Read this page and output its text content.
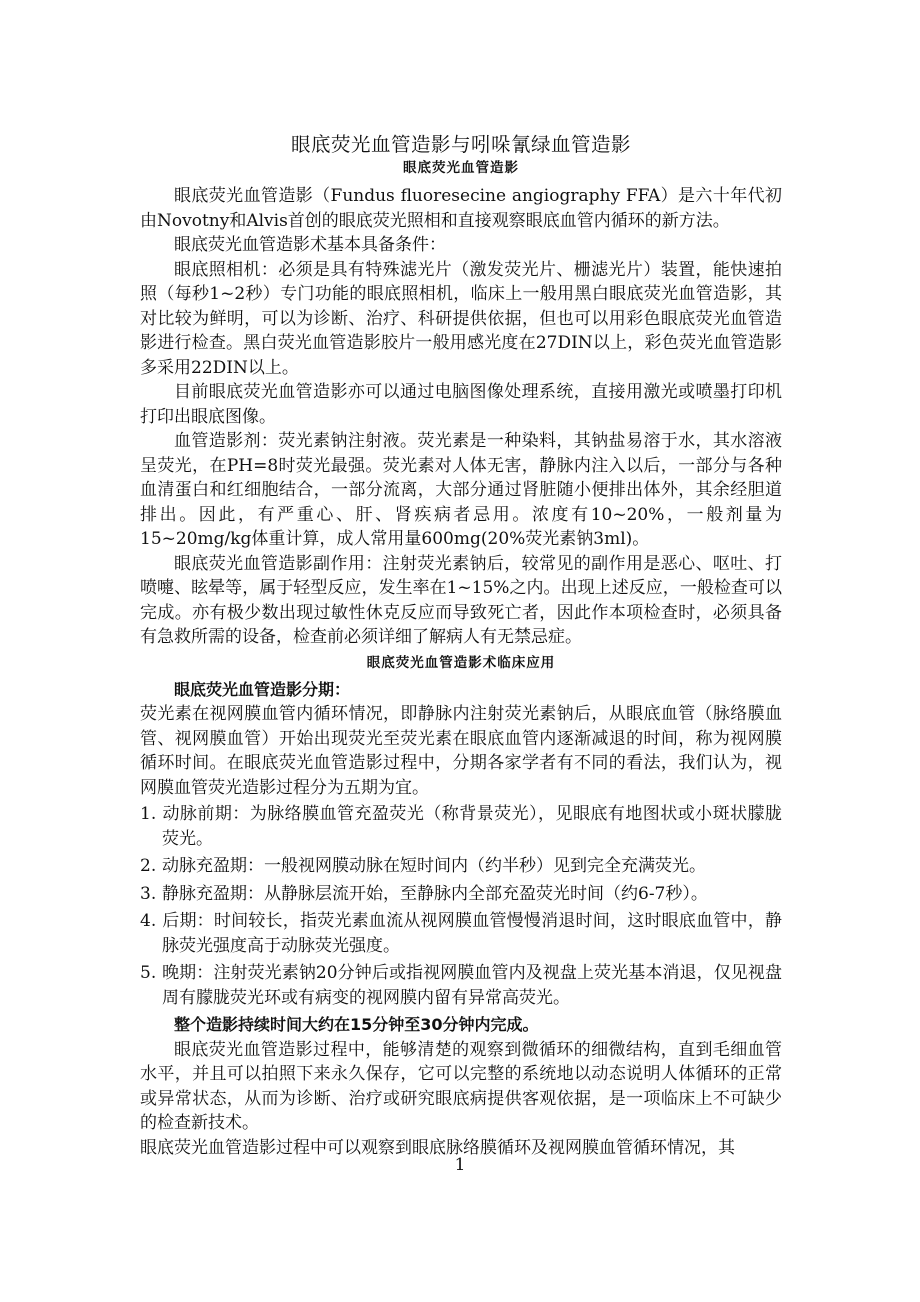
眼底荧光血管造影与吲哚氰绿血管造影
眼底荧光血管造影

眼底荧光血管造影（Fundus fluoresecine angiography FFA）是六十年代初由Novotny和Alvis首创的眼底荧光照相和直接观察眼底血管内循环的新方法。

眼底荧光血管造影术基本具备条件：

眼底照相机：必须是具有特殊滤光片（激发荧光片、栅滤光片）装置，能快速拍照（每秒1~2秒）专门功能的眼底照相机，临床上一般用黑白眼底荧光血管造影，其对比较为鲜明，可以为诊断、治疗、科研提供依据，但也可以用彩色眼底荧光血管造影进行检查。黑白荧光血管造影胶片一般用感光度在27DIN以上，彩色荧光血管造影多采用22DIN以上。

目前眼底荧光血管造影亦可以通过电脑图像处理系统，直接用激光或喷墨打印机打印出眼底图像。

血管造影剂：荧光素钠注射液。荧光素是一种染料，其钠盐易溶于水，其水溶液呈荧光，在PH=8时荧光最强。荧光素对人体无害，静脉内注入以后，一部分与各种血清蛋白和红细胞结合，一部分流离，大部分通过肾脏随小便排出体外，其余经胆道排出。因此，有严重心、肝、肾疾病者忌用。浓度有10~20%，一般剂量为15~20mg/kg体重计算，成人常用量600mg(20%荧光素钠3ml)。

眼底荧光血管造影副作用：注射荧光素钠后，较常见的副作用是恶心、呕吐、打喷嚏、眩晕等，属于轻型反应，发生率在1~15%之内。出现上述反应，一般检查可以完成。亦有极少数出现过敏性休克反应而导致死亡者，因此作本项检查时，必须具备有急救所需的设备，检查前必须详细了解病人有无禁忌症。

眼底荧光血管造影术临床应用

眼底荧光血管造影分期：

荧光素在视网膜血管内循环情况，即静脉内注射荧光素钠后，从眼底血管（脉络膜血管、视网膜血管）开始出现荧光至荧光素在眼底血管内逐渐减退的时间，称为视网膜循环时间。在眼底荧光血管造影过程中，分期各家学者有不同的看法，我们认为，视网膜血管荧光造影过程分为五期为宜。

1. 动脉前期：为脉络膜血管充盈荧光（称背景荧光），见眼底有地图状或小斑状朦胧荧光。
2. 动脉充盈期：一般视网膜动脉在短时间内（约半秒）见到完全充满荧光。
3. 静脉充盈期：从静脉层流开始，至静脉内全部充盈荧光时间（约6-7秒）。
4. 后期：时间较长，指荧光素血流从视网膜血管慢慢消退时间，这时眼底血管中，静脉荧光强度高于动脉荧光强度。
5. 晚期：注射荧光素钠20分钟后或指视网膜血管内及视盘上荧光基本消退，仅见视盘周有朦胧荧光环或有病变的视网膜内留有异常高荧光。

整个造影持续时间大约在15分钟至30分钟内完成。

眼底荧光血管造影过程中，能够清楚的观察到微循环的细微结构，直到毛细血管水平，并且可以拍照下来永久保存，它可以完整的系统地以动态说明人体循环的正常或异常状态，从而为诊断、治疗或研究眼底病提供客观依据，是一项临床上不可缺少的检查新技术。

眼底荧光血管造影过程中可以观察到眼底脉络膜循环及视网膜血管循环情况，其

1
